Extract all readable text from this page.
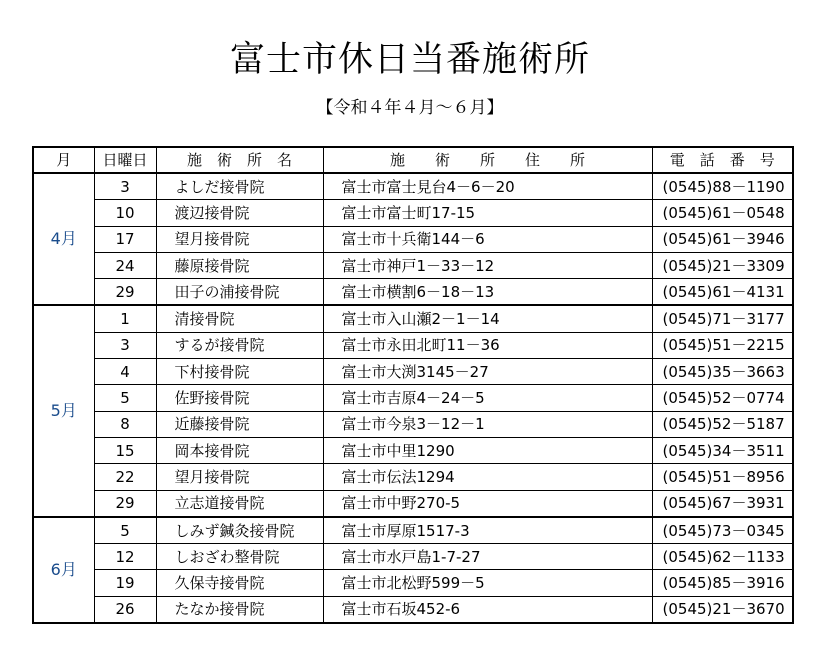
富士市休日当番施術所
【令和４年４月～６月】
月	日曜日	施　術　所　名	施　　術　　所　　住　　所	電　話　番　号
4月	3	よしだ接骨院	富士市富士見台4－6－20	(0545)88－1190
	10	渡辺接骨院	富士市富士町17-15	(0545)61－0548
	17	望月接骨院	富士市十兵衛144－6	(0545)61－3946
	24	藤原接骨院	富士市神戸1－33－12	(0545)21－3309
	29	田子の浦接骨院	富士市横割6－18－13	(0545)61－4131
5月	1	清接骨院	富士市入山瀬2－1－14	(0545)71－3177
	3	するが接骨院	富士市永田北町11－36	(0545)51－2215
	4	下村接骨院	富士市大渕3145－27	(0545)35－3663
	5	佐野接骨院	富士市吉原4－24－5	(0545)52－0774
	8	近藤接骨院	富士市今泉3－12－1	(0545)52－5187
	15	岡本接骨院	富士市中里1290	(0545)34－3511
	22	望月接骨院	富士市伝法1294	(0545)51－8956
	29	立志道接骨院	富士市中野270-5	(0545)67－3931
6月	5	しみず鍼灸接骨院	富士市厚原1517‐3	(0545)73－0345
	12	しおざわ整骨院	富士市水戸島1‐7‐27	(0545)62－1133
	19	久保寺接骨院	富士市北松野599－5	(0545)85－3916
	26	たなか接骨院	富士市石坂452-6	(0545)21－3670
